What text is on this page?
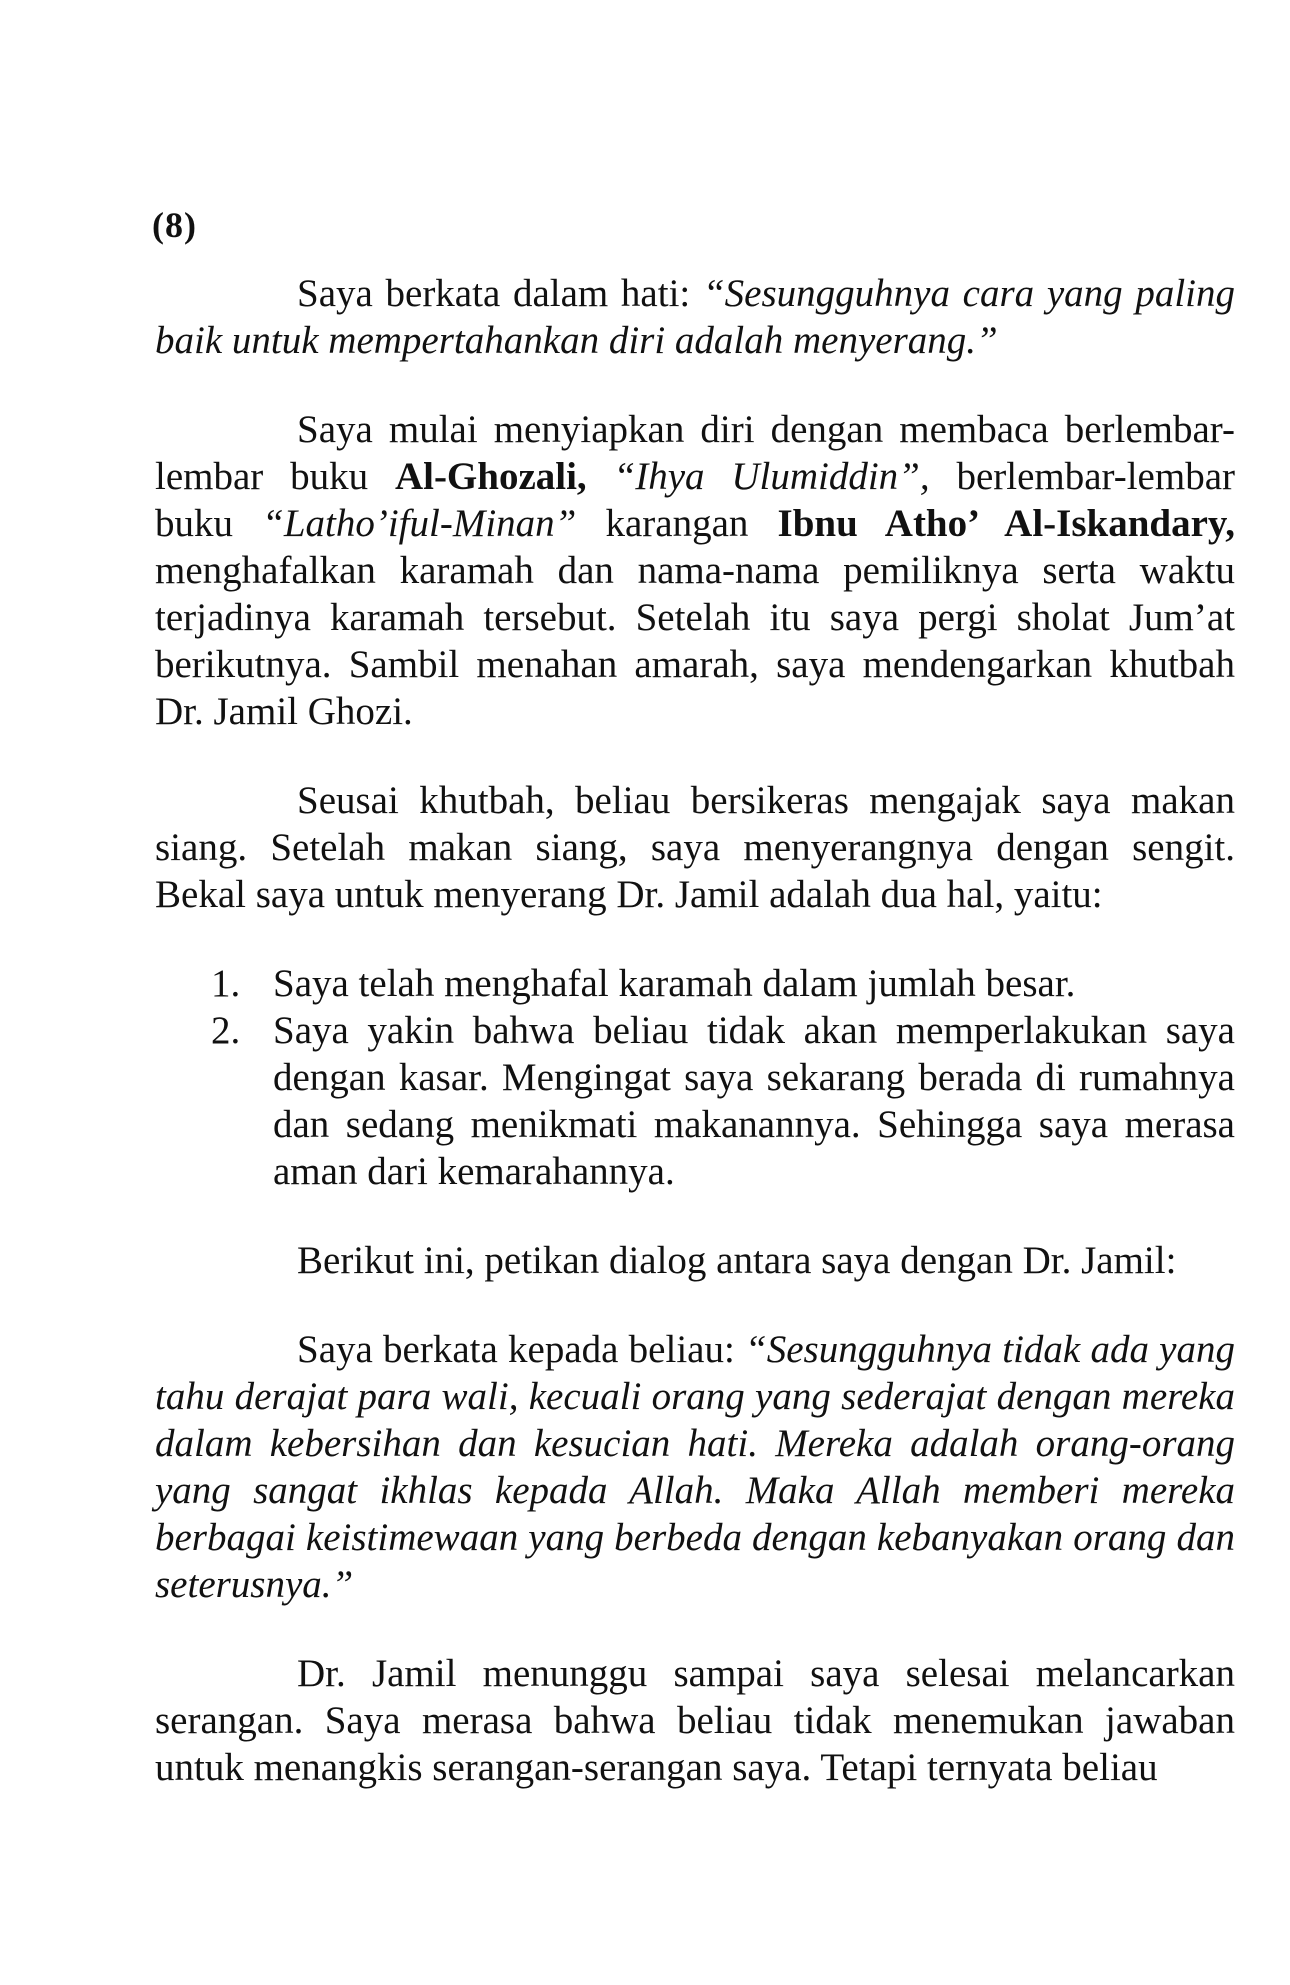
(8)

Saya berkata dalam hati: “Sesungguhnya cara yang paling baik untuk mempertahankan diri adalah menyerang.”

Saya mulai menyiapkan diri dengan membaca berlembar-lembar buku Al-Ghozali, “Ihya Ulumiddin”, berlembar-lembar buku “Latho’iful-Minan” karangan Ibnu Atho’ Al-Iskandary, menghafalkan karamah dan nama-nama pemiliknya serta waktu terjadinya karamah tersebut. Setelah itu saya pergi sholat Jum’at berikutnya. Sambil menahan amarah, saya mendengarkan khutbah Dr. Jamil Ghozi.

Seusai khutbah, beliau bersikeras mengajak saya makan siang. Setelah makan siang, saya menyerangnya dengan sengit. Bekal saya untuk menyerang Dr. Jamil adalah dua hal, yaitu:

1. Saya telah menghafal karamah dalam jumlah besar.
2. Saya yakin bahwa beliau tidak akan memperlakukan saya dengan kasar. Mengingat saya sekarang berada di rumahnya dan sedang menikmati makanannya. Sehingga saya merasa aman dari kemarahannya.

Berikut ini, petikan dialog antara saya dengan Dr. Jamil:

Saya berkata kepada beliau: “Sesungguhnya tidak ada yang tahu derajat para wali, kecuali orang yang sederajat dengan mereka dalam kebersihan dan kesucian hati. Mereka adalah orang-orang yang sangat ikhlas kepada Allah. Maka Allah memberi mereka berbagai keistimewaan yang berbeda dengan kebanyakan orang dan seterusnya.”

Dr. Jamil menunggu sampai saya selesai melancarkan serangan. Saya merasa bahwa beliau tidak menemukan jawaban untuk menangkis serangan-serangan saya. Tetapi ternyata beliau
